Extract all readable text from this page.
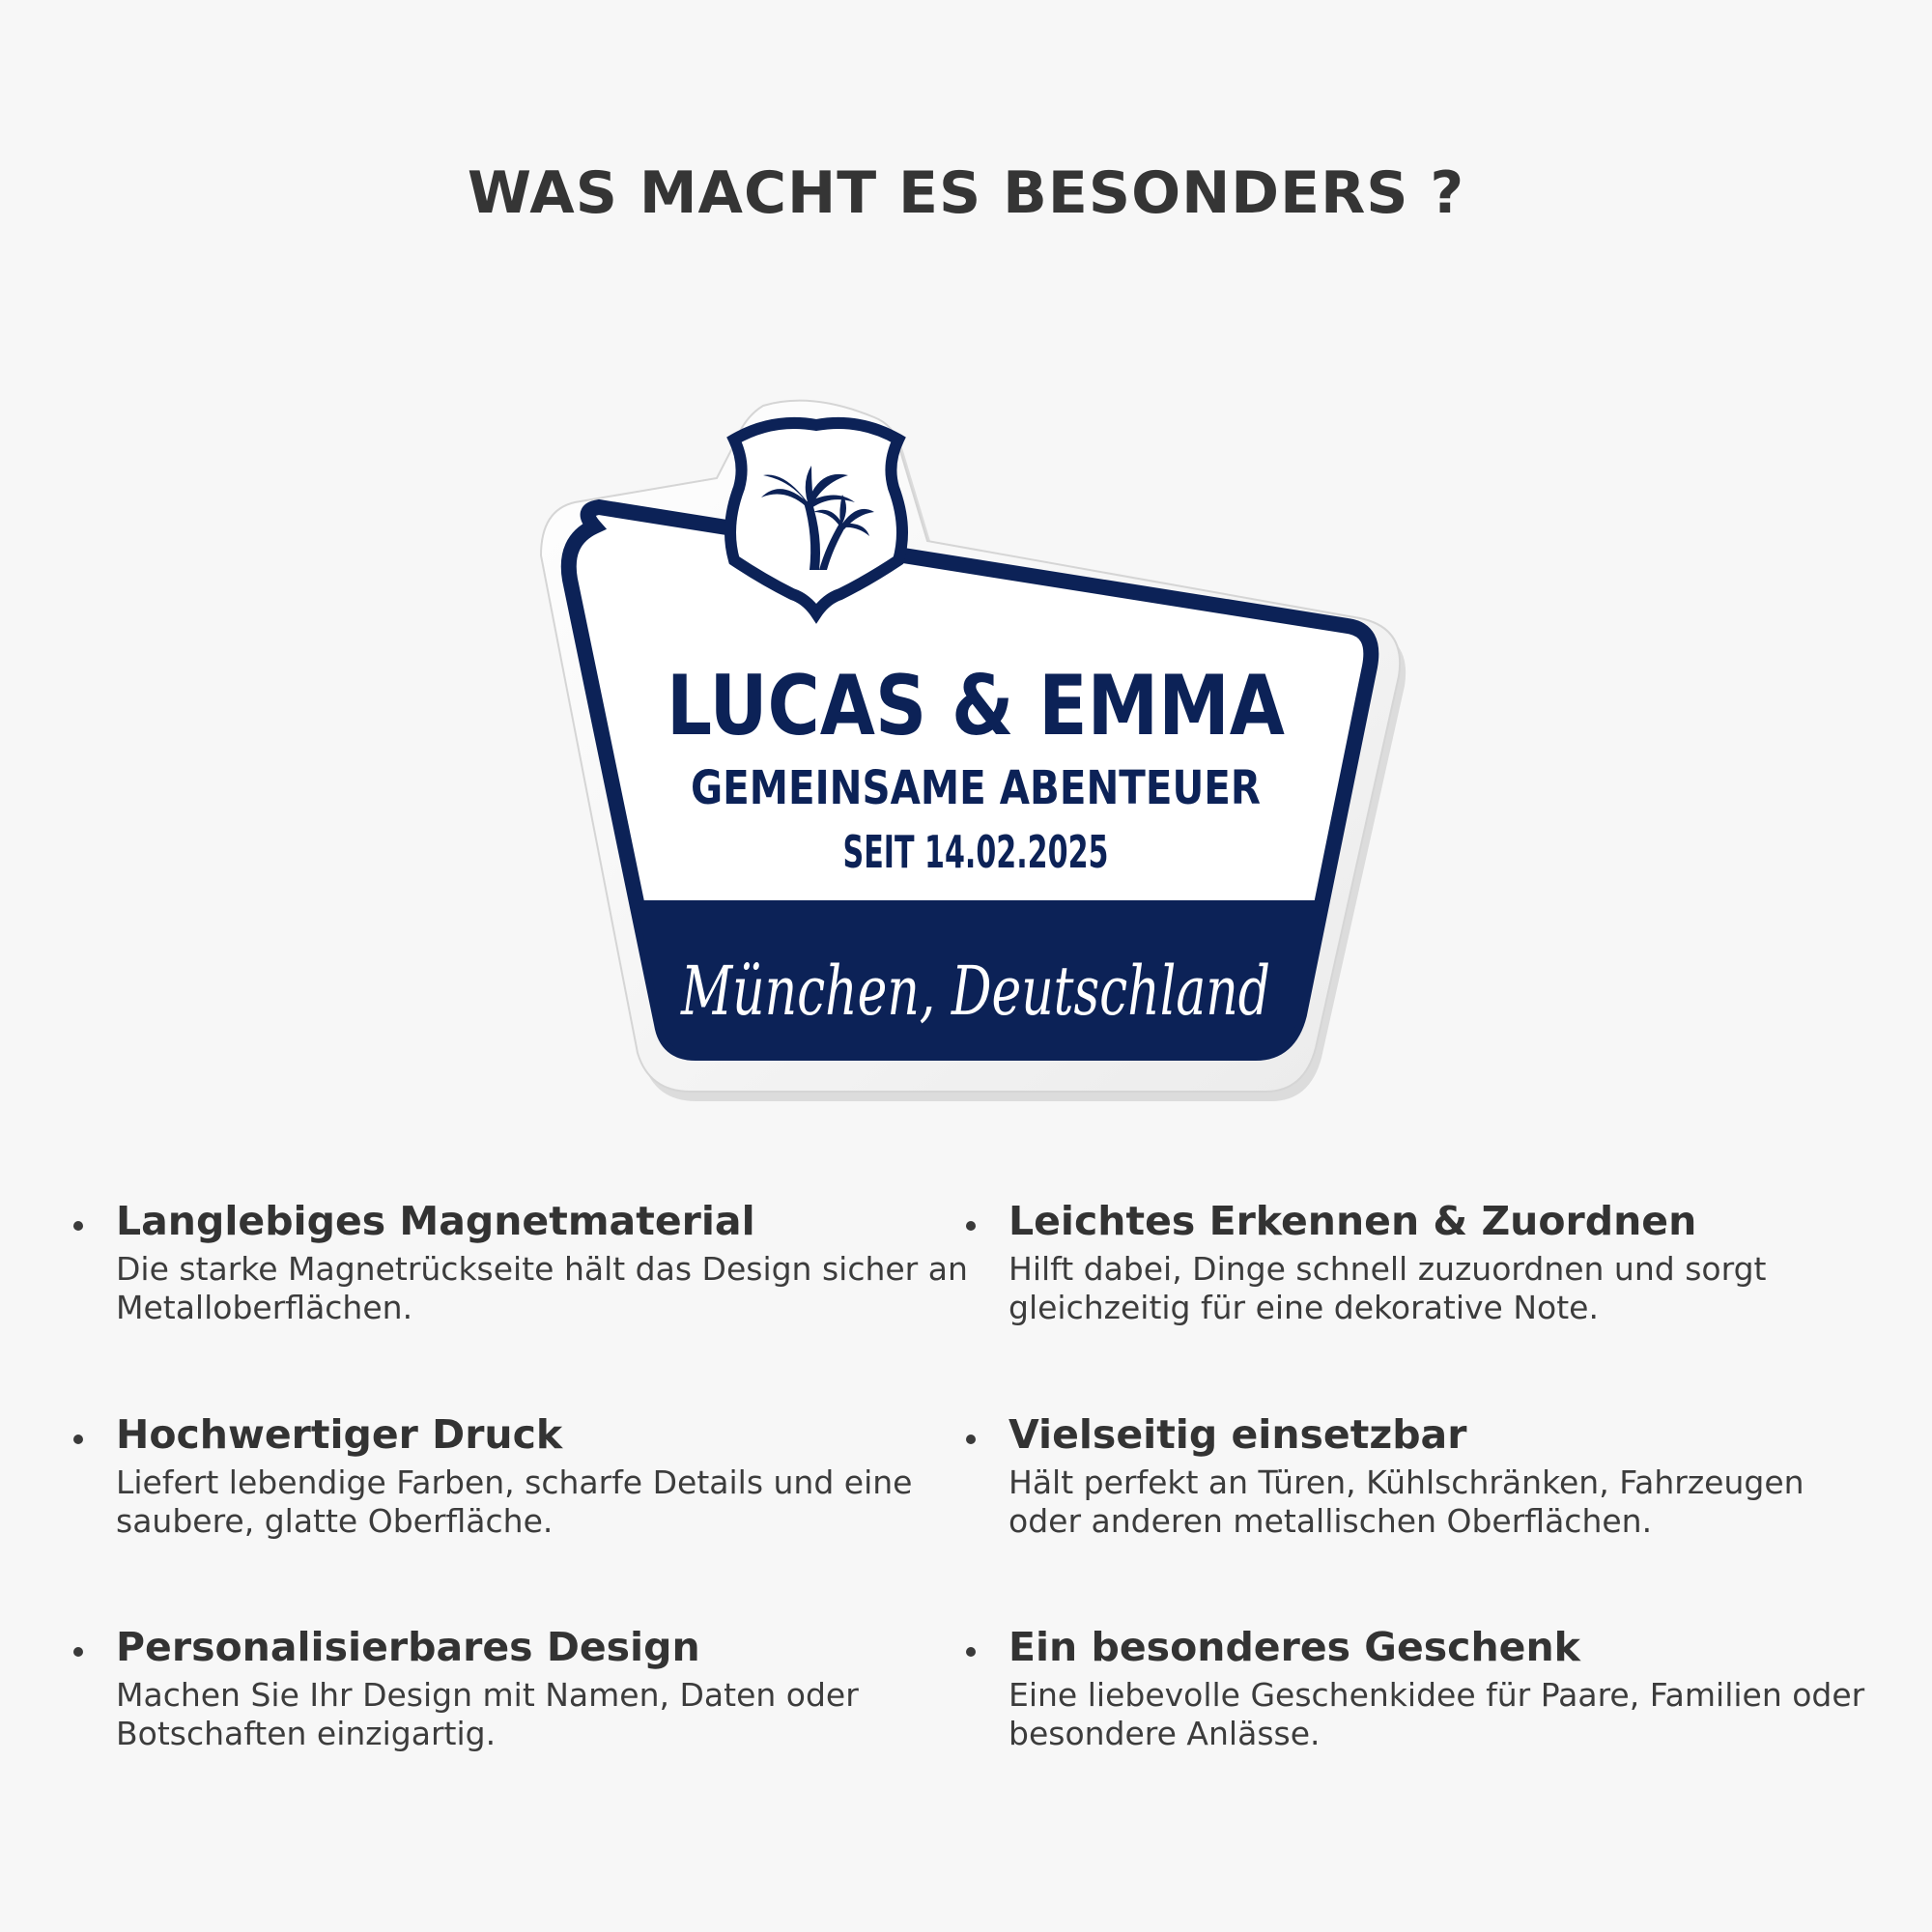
WAS MACHT ES BESONDERS ?
LUCAS & EMMA
GEMEINSAME ABENTEUER
SEIT 14.02.2025
München, Deutschland

Langlebiges Magnetmaterial

Die starke Magnetrückseite hält das Design sicher an Metalloberflächen.

Leichtes Erkennen & Zuordnen

Hilft dabei, Dinge schnell zuzuordnen und sorgt gleichzeitig für eine dekorative Note.

Hochwertiger Druck

Liefert lebendige Farben, scharfe Details und eine saubere, glatte Oberfläche.

Vielseitig einsetzbar

Hält perfekt an Türen, Kühlschränken, Fahrzeugen oder anderen metallischen Oberflächen.

Personalisierbares Design

Machen Sie Ihr Design mit Namen, Daten oder Botschaften einzigartig.

Ein besonderes Geschenk

Eine liebevolle Geschenkidee für Paare, Familien oder besondere Anlässe.
